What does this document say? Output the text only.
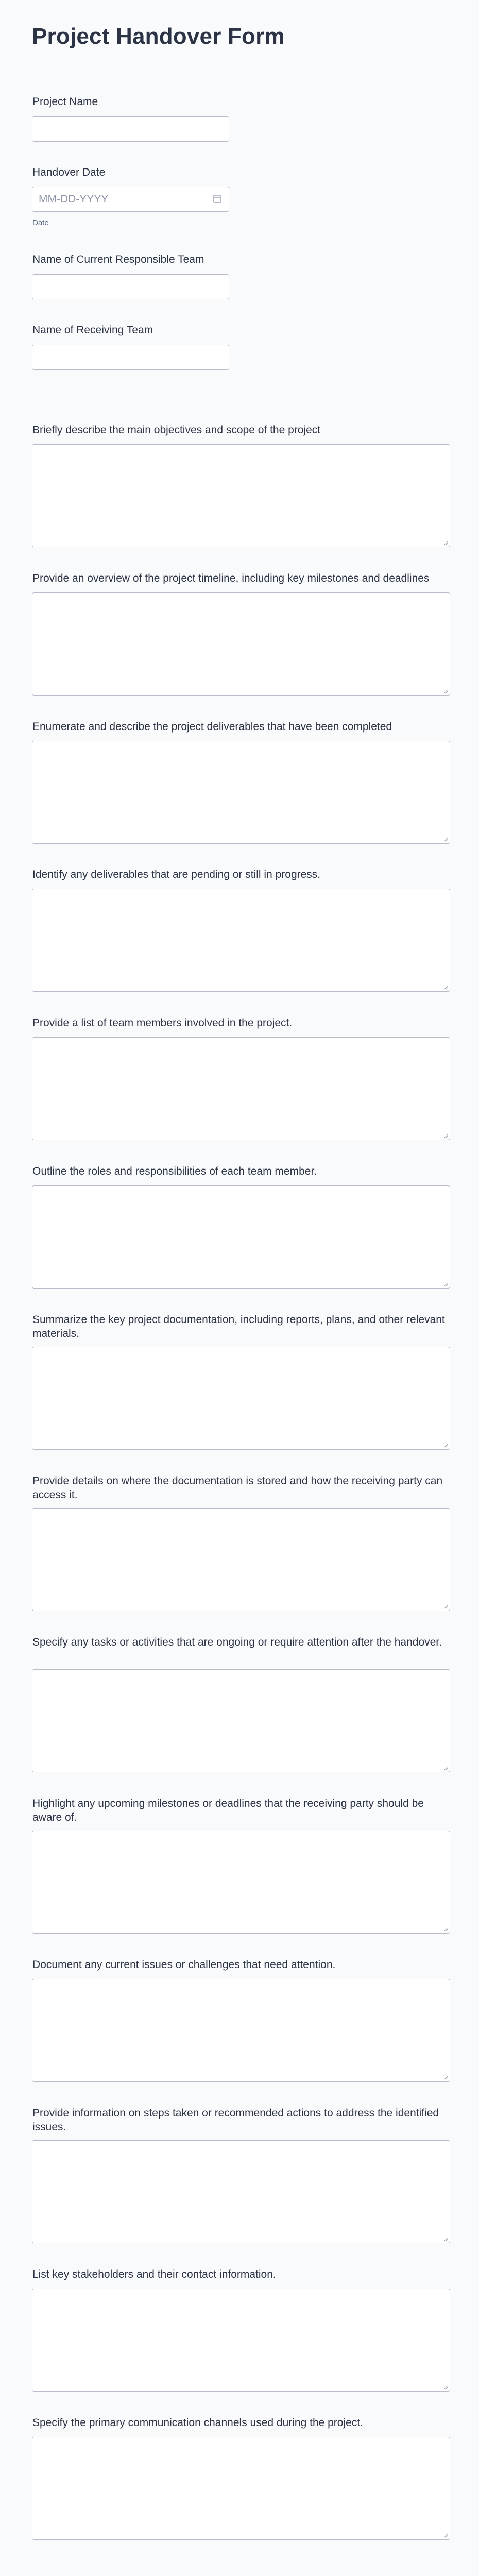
Project Handover Form
Project Name
Handover Date
MM-DD-YYYY
Date
Name of Current Responsible Team
Name of Receiving Team
Briefly describe the main objectives and scope of the project
Provide an overview of the project timeline, including key milestones and deadlines
Enumerate and describe the project deliverables that have been completed
Identify any deliverables that are pending or still in progress.
Provide a list of team members involved in the project.
Outline the roles and responsibilities of each team member.
Summarize the key project documentation, including reports, plans, and other relevant materials.
Provide details on where the documentation is stored and how the receiving party can access it.
Specify any tasks or activities that are ongoing or require attention after the handover.
Highlight any upcoming milestones or deadlines that the receiving party should be aware of.
Document any current issues or challenges that need attention.
Provide information on steps taken or recommended actions to address the identified issues.
List key stakeholders and their contact information.
Specify the primary communication channels used during the project.
